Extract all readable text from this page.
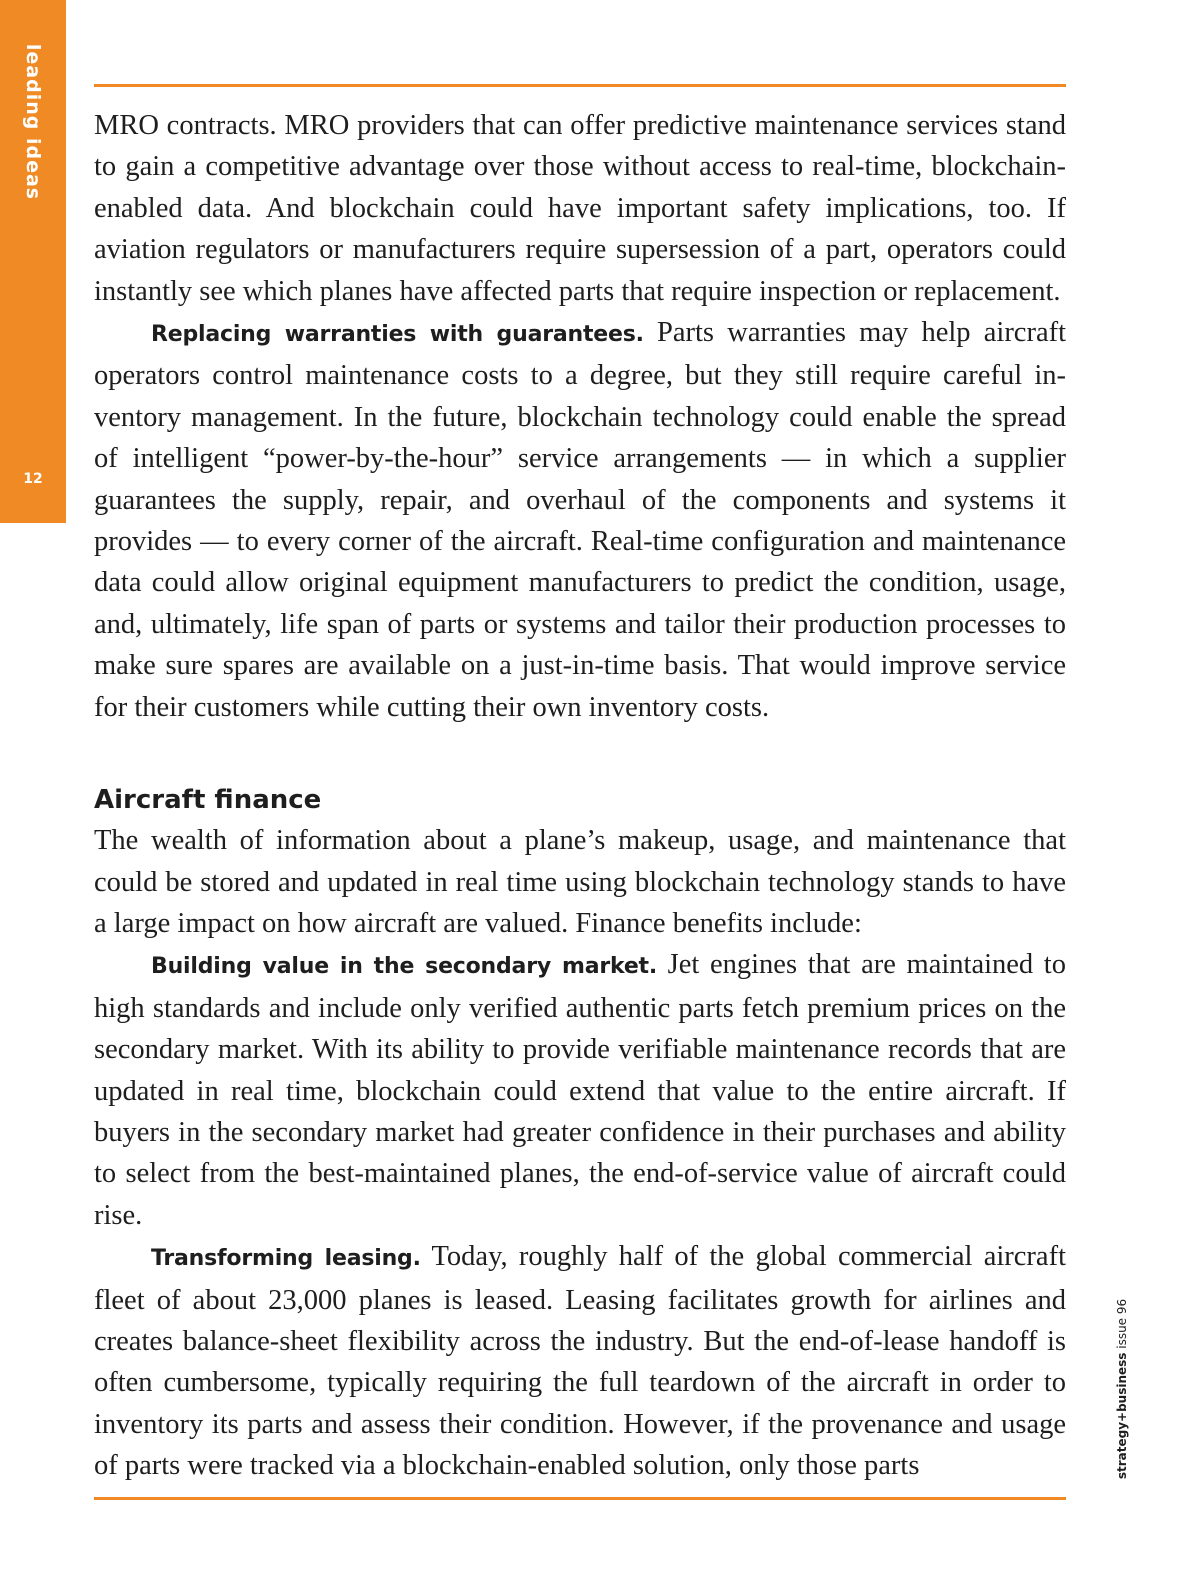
leading ideas
12

MRO contracts. MRO providers that can offer predictive maintenance services stand to gain a competitive advantage over those without access to real-time, blockchain-enabled data. And blockchain could have important safety implications, too. If aviation regulators or manufacturers require supersession of a part, operators could instantly see which planes have affected parts that require inspection or replacement.

Replacing warranties with guarantees. Parts warranties may help aircraft operators control maintenance costs to a degree, but they still require careful inventory management. In the future, blockchain technology could enable the spread of intelligent “power-by-the-hour” service arrangements — in which a supplier guarantees the supply, repair, and overhaul of the components and systems it provides — to every corner of the aircraft. Real-time configuration and maintenance data could allow original equipment manufacturers to predict the condition, usage, and, ultimately, life span of parts or systems and tailor their production processes to make sure spares are available on a just-in-time basis. That would improve service for their customers while cutting their own inventory costs.

Aircraft finance

The wealth of information about a plane’s makeup, usage, and maintenance that could be stored and updated in real time using blockchain technology stands to have a large impact on how aircraft are valued. Finance benefits include:

Building value in the secondary market. Jet engines that are maintained to high standards and include only verified authentic parts fetch premium prices on the secondary market. With its ability to provide verifiable maintenance records that are updated in real time, blockchain could extend that value to the entire aircraft. If buyers in the secondary market had greater confidence in their purchases and ability to select from the best-maintained planes, the end-of-service value of aircraft could rise.

Transforming leasing. Today, roughly half of the global commercial aircraft fleet of about 23,000 planes is leased. Leasing facilitates growth for airlines and creates balance-sheet flexibility across the industry. But the end-of-lease handoff is often cumbersome, typically requiring the full teardown of the aircraft in order to inventory its parts and assess their condition. However, if the provenance and usage of parts were tracked via a blockchain-enabled solution, only those parts	strategy+business issue 96
